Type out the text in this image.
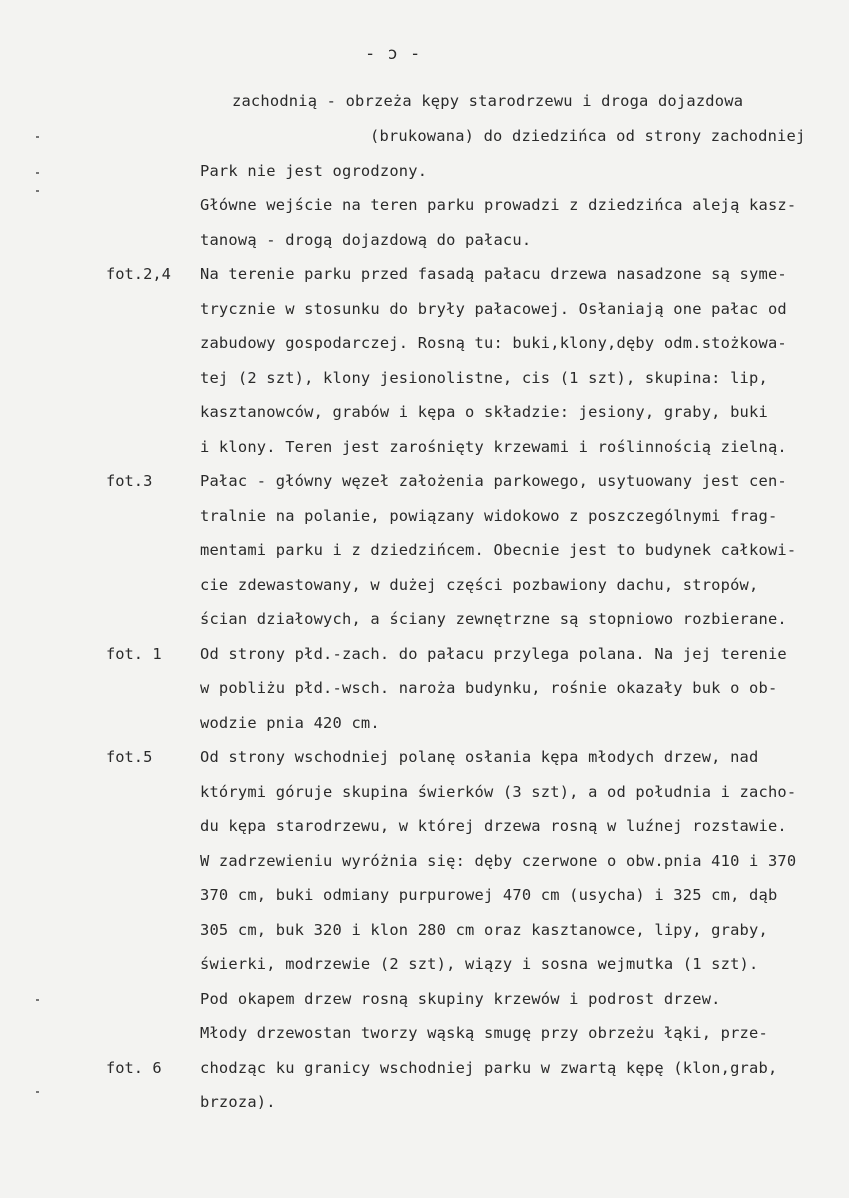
- ɔ -
zachodnią - obrzeża kępy starodrzewu i droga dojazdowa
(brukowana) do dziedzińca od strony zachodniej
Park nie jest ogrodzony.
Główne wejście na teren parku prowadzi z dziedzińca aleją kasz-
tanową - drogą dojazdową do pałacu.
Na terenie parku przed fasadą pałacu drzewa nasadzone są syme-
trycznie w stosunku do bryły pałacowej. Osłaniają one pałac od
zabudowy gospodarczej. Rosną tu: buki,klony,dęby odm.stożkowa-
tej (2 szt), klony jesionolistne, cis (1 szt), skupina: lip,
kasztanowców, grabów i kępa o składzie: jesiony, graby, buki
i klony. Teren jest zarośnięty krzewami i roślinnością zielną.
Pałac - główny węzeł założenia parkowego, usytuowany jest cen-
tralnie na polanie, powiązany widokowo z poszczególnymi frag-
mentami parku i z dziedzińcem. Obecnie jest to budynek całkowi-
cie zdewastowany, w dużej części pozbawiony dachu, stropów,
ścian działowych, a ściany zewnętrzne są stopniowo rozbierane.
Od strony płd.-zach. do pałacu przylega polana. Na jej terenie
w pobliżu płd.-wsch. naroża budynku, rośnie okazały buk o ob-
wodzie pnia 420 cm.
Od strony wschodniej polanę osłania kępa młodych drzew, nad
którymi góruje skupina świerków (3 szt), a od południa i zacho-
du kępa starodrzewu, w której drzewa rosną w luźnej rozstawie.
W zadrzewieniu wyróżnia się: dęby czerwone o obw.pnia 410 i 370
370 cm, buki odmiany purpurowej 470 cm (usycha) i 325 cm, dąb
305 cm, buk 320 i klon 280 cm oraz kasztanowce, lipy, graby,
świerki, modrzewie (2 szt), wiązy i sosna wejmutka (1 szt).
Pod okapem drzew rosną skupiny krzewów i podrost drzew.
Młody drzewostan tworzy wąską smugę przy obrzeżu łąki, prze-
chodząc ku granicy wschodniej parku w zwartą kępę (klon,grab,
brzoza).
fot.2,4
fot.3
fot. 1
fot.5
fot. 6
